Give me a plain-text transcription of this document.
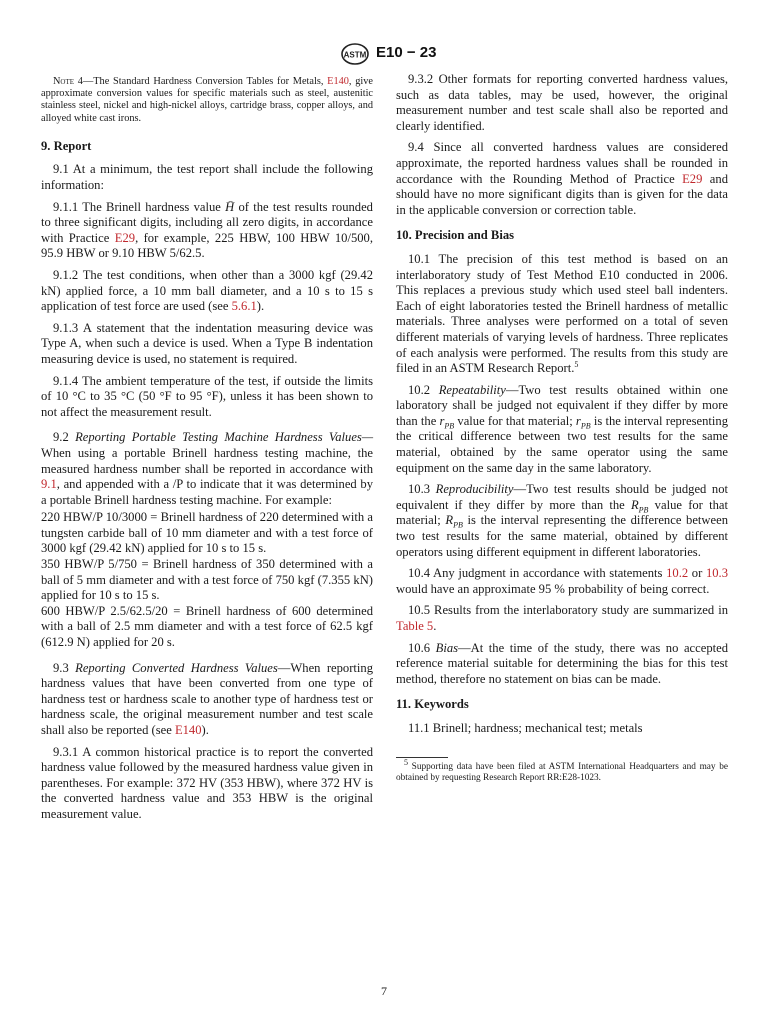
ASTM E10 − 23

Note 4—The Standard Hardness Conversion Tables for Metals, E140, give approximate conversion values for specific materials such as steel, austenitic stainless steel, nickel and high-nickel alloys, cartridge brass, copper alloys, and alloyed white cast irons.

9. Report

9.1 At a minimum, the test report shall include the following information:

9.1.1 The Brinell hardness value H̄ of the test results rounded to three significant digits, including all zero digits, in accordance with Practice E29, for example, 225 HBW, 100 HBW 10/500, 95.9 HBW or 9.10 HBW 5/62.5.

9.1.2 The test conditions, when other than a 3000 kgf (29.42 kN) applied force, a 10 mm ball diameter, and a 10 s to 15 s application of test force are used (see 5.6.1).

9.1.3 A statement that the indentation measuring device was Type A, when such a device is used. When a Type B indentation measuring device is used, no statement is required.

9.1.4 The ambient temperature of the test, if outside the limits of 10 °C to 35 °C (50 °F to 95 °F), unless it has been shown to not affect the measurement result.

9.2 Reporting Portable Testing Machine Hardness Values—When using a portable Brinell hardness testing machine, the measured hardness number shall be reported in accordance with 9.1, and appended with a /P to indicate that it was determined by a portable Brinell hardness testing machine. For example:

220 HBW/P 10/3000 = Brinell hardness of 220 determined with a tungsten carbide ball of 10 mm diameter and with a test force of 3000 kgf (29.42 kN) applied for 10 s to 15 s.

350 HBW/P 5/750 = Brinell hardness of 350 determined with a ball of 5 mm diameter and with a test force of 750 kgf (7.355 kN) applied for 10 s to 15 s.

600 HBW/P 2.5/62.5/20 = Brinell hardness of 600 determined with a ball of 2.5 mm diameter and with a test force of 62.5 kgf (612.9 N) applied for 20 s.

9.3 Reporting Converted Hardness Values—When reporting hardness values that have been converted from one type of hardness test or hardness scale to another type of hardness test or hardness scale, the original measurement number and test scale shall also be reported (see E140).

9.3.1 A common historical practice is to report the converted hardness value followed by the measured hardness value given in parentheses. For example: 372 HV (353 HBW), where 372 HV is the converted hardness value and 353 HBW is the original measurement value.

9.3.2 Other formats for reporting converted hardness values, such as data tables, may be used, however, the original measurement number and test scale shall also be reported and clearly identified.

9.4 Since all converted hardness values are considered approximate, the reported hardness values shall be rounded in accordance with the Rounding Method of Practice E29 and should have no more significant digits than is given for the data in the applicable conversion or correction table.

10. Precision and Bias

10.1 The precision of this test method is based on an interlaboratory study of Test Method E10 conducted in 2006. This replaces a previous study which used steel ball indenters. Each of eight laboratories tested the Brinell hardness of metallic materials. Three analyses were performed on a total of seven different materials of varying levels of hardness. Three replicates of each analysis were performed. The results from this study are filed in an ASTM Research Report.$^5$

10.2 Repeatability—Two test results obtained within one laboratory shall be judged not equivalent if they differ by more than the $r_{PB}$ value for that material; $r_{PB}$ is the interval representing the critical difference between two test results for the same material, obtained by the same operator using the same equipment on the same day in the same laboratory.

10.3 Reproducibility—Two test results should be judged not equivalent if they differ by more than the $R_{PB}$ value for that material; $R_{PB}$ is the interval representing the difference between two test results for the same material, obtained by different operators using different equipment in different laboratories.

10.4 Any judgment in accordance with statements 10.2 or 10.3 would have an approximate 95 % probability of being correct.

10.5 Results from the interlaboratory study are summarized in Table 5.

10.6 Bias—At the time of the study, there was no accepted reference material suitable for determining the bias for this test method, therefore no statement on bias can be made.

11. Keywords

11.1 Brinell; hardness; mechanical test; metals

$^5$ Supporting data have been filed at ASTM International Headquarters and may be obtained by requesting Research Report RR:E28-1023.

7
